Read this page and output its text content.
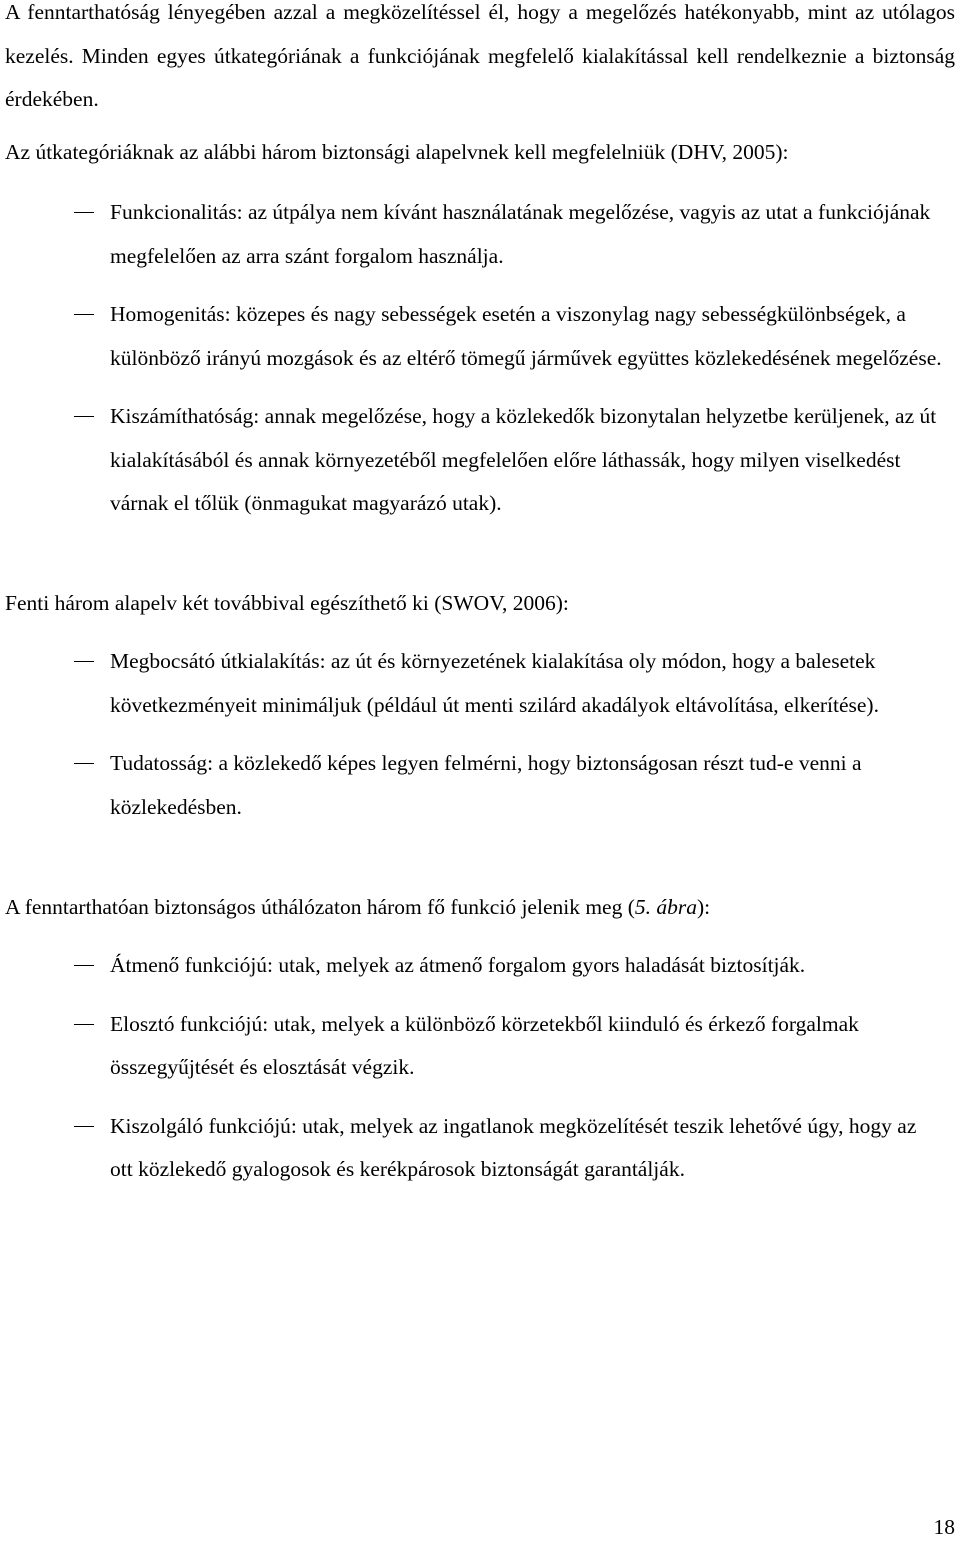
A fenntarthatóság lényegében azzal a megközelítéssel él, hogy a megelőzés hatékonyabb, mint az utólagos kezelés. Minden egyes útkategóriának a funkciójának megfelelő kialakítással kell rendelkeznie a biztonság érdekében.

Az útkategóriáknak az alábbi három biztonsági alapelvnek kell megfelelniük (DHV, 2005):

Funkcionalitás: az útpálya nem kívánt használatának megelőzése, vagyis az utat a funkciójának megfelelően az arra szánt forgalom használja.
Homogenitás: közepes és nagy sebességek esetén a viszonylag nagy sebességkülönbségek, a különböző irányú mozgások és az eltérő tömegű járművek együttes közlekedésének megelőzése.
Kiszámíthatóság: annak megelőzése, hogy a közlekedők bizonytalan helyzetbe kerüljenek, az út kialakításából és annak környezetéből megfelelően előre láthassák, hogy milyen viselkedést várnak el tőlük (önmagukat magyarázó utak).

Fenti három alapelv két továbbival egészíthető ki (SWOV, 2006):

Megbocsátó útkialakítás: az út és környezetének kialakítása oly módon, hogy a balesetek következményeit minimáljuk (például út menti szilárd akadályok eltávolítása, elkerítése).
Tudatosság: a közlekedő képes legyen felmérni, hogy biztonságosan részt tud-e venni a közlekedésben.

A fenntarthatóan biztonságos úthálózaton három fő funkció jelenik meg (5. ábra):

Átmenő funkciójú: utak, melyek az átmenő forgalom gyors haladását biztosítják.
Elosztó funkciójú: utak, melyek a különböző körzetekből kiinduló és érkező forgalmak összegyűjtését és elosztását végzik.
Kiszolgáló funkciójú: utak, melyek az ingatlanok megközelítését teszik lehetővé úgy, hogy az ott közlekedő gyalogosok és kerékpárosok biztonságát garantálják.
18
